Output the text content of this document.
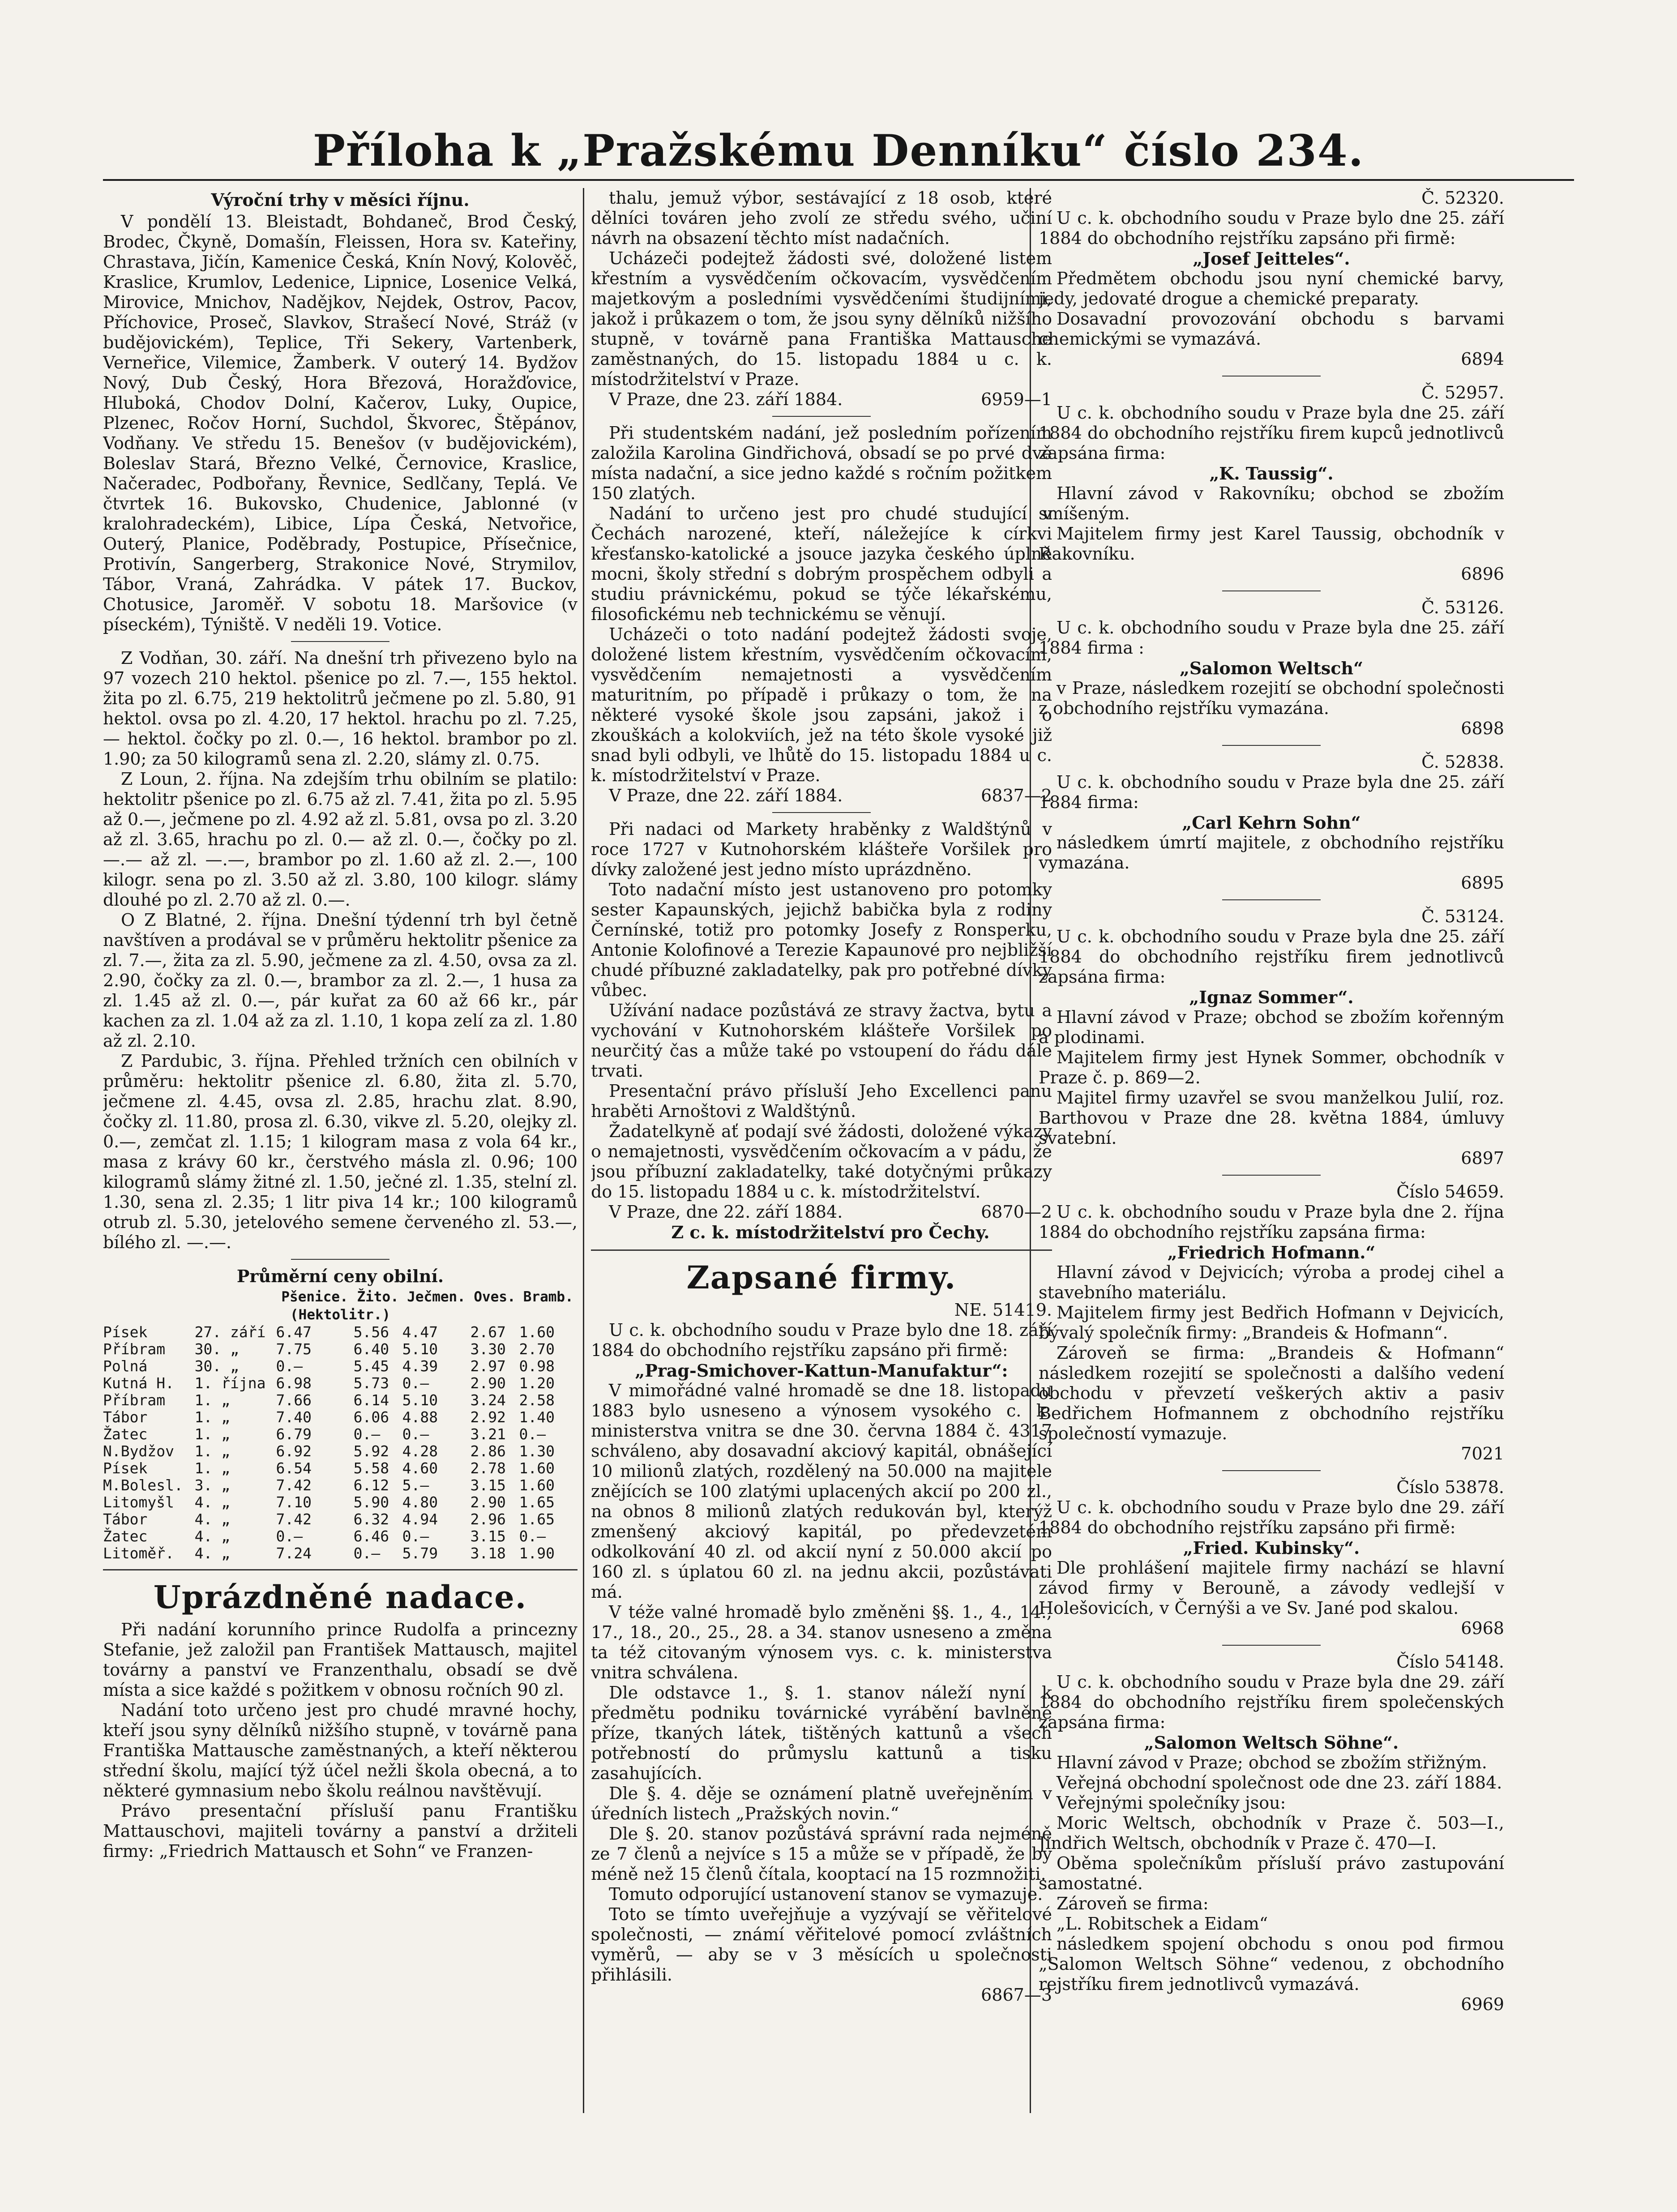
Příloha k „Pražskému Denníku“ číslo 234.
Výroční trhy v měsíci říjnu.

V pondělí 13. Bleistadt, Bohdaneč, Brod Český, Brodec, Čkyně, Domašín, Fleissen, Hora sv. Kateřiny, Chrastava, Jičín, Kamenice Česká, Knín Nový, Kolověč, Kraslice, Krumlov, Ledenice, Lipnice, Losenice Velká, Mirovice, Mnichov, Nadějkov, Nejdek, Ostrov, Pacov, Příchovice, Proseč, Slavkov, Strašecí Nové, Stráž (v budějovickém), Teplice, Tři Sekery, Vartenberk, Verneřice, Vilemice, Žamberk. V outerý 14. Bydžov Nový, Dub Český, Hora Březová, Horažďovice, Hluboká, Chodov Dolní, Kačerov, Luky, Oupice, Plzenec, Ročov Horní, Suchdol, Škvorec, Štěpánov, Vodňany. Ve středu 15. Benešov (v budějovickém), Boleslav Stará, Březno Velké, Černovice, Kraslice, Načeradec, Podbořany, Řevnice, Sedlčany, Teplá. Ve čtvrtek 16. Bukovsko, Chudenice, Jablonné (v kralohradeckém), Libice, Lípa Česká, Netvořice, Outerý, Planice, Poděbrady, Postupice, Přísečnice, Protivín, Sangerberg, Strakonice Nové, Strymilov, Tábor, Vraná, Zahrádka. V pátek 17. Buckov, Chotusice, Jaroměř. V sobotu 18. Maršovice (v píseckém), Týniště. V neděli 19. Votice.

Z Vodňan, 30. září. Na dnešní trh přivezeno bylo na 97 vozech 210 hektol. pšenice po zl. 7.—, 155 hektol. žita po zl. 6.75, 219 hektolitrů ječmene po zl. 5.80, 91 hektol. ovsa po zl. 4.20, 17 hektol. hrachu po zl. 7.25, — hektol. čočky po zl. 0.—, 16 hektol. brambor po zl. 1.90; za 50 kilogramů sena zl. 2.20, slámy zl. 0.75.

Z Loun, 2. října. Na zdejším trhu obilním se platilo: hektolitr pšenice po zl. 6.75 až zl. 7.41, žita po zl. 5.95 až 0.—, ječmene po zl. 4.92 až zl. 5.81, ovsa po zl. 3.20 až zl. 3.65, hrachu po zl. 0.— až zl. 0.—, čočky po zl. —.— až zl. —.—, brambor po zl. 1.60 až zl. 2.—, 100 kilogr. sena po zl. 3.50 až zl. 3.80, 100 kilogr. slámy dlouhé po zl. 2.70 až zl. 0.—.

O Z Blatné, 2. října. Dnešní týdenní trh byl četně navštíven a prodával se v průměru hektolitr pšenice za zl. 7.—, žita za zl. 5.90, ječmene za zl. 4.50, ovsa za zl. 2.90, čočky za zl. 0.—, brambor za zl. 2.—, 1 husa za zl. 1.45 až zl. 0.—, pár kuřat za 60 až 66 kr., pár kachen za zl. 1.04 až za zl. 1.10, 1 kopa zelí za zl. 1.80 až zl. 2.10.

Z Pardubic, 3. října. Přehled tržních cen obilních v průměru: hektolitr pšenice zl. 6.80, žita zl. 5.70, ječmene zl. 4.45, ovsa zl. 2.85, hrachu zlat. 8.90, čočky zl. 11.80, prosa zl. 6.30, vikve zl. 5.20, olejky zl. 0.—, zemčat zl. 1.15; 1 kilogram masa z vola 64 kr., masa z krávy 60 kr., čerstvého másla zl. 0.96; 100 kilogramů slámy žitné zl. 1.50, ječné zl. 1.35, stelní zl. 1.30, sena zl. 2.35; 1 litr piva 14 kr.; 100 kilogramů otrub zl. 5.30, jetelového semene červeného zl. 53.—, bílého zl. —.—.

Průměrní ceny obilní.
		Pšenice.	Žito.	Ječmen.	Oves.	Bramb.
(Hektolitr.)						
Písek	27. září	6.47	5.56	4.47	2.67	1.60
Příbram	30. „	7.75	6.40	5.10	3.30	2.70
Polná	30. „	0.—	5.45	4.39	2.97	0.98
Kutná H.	1. října	6.98	5.73	0.—	2.90	1.20
Příbram	1. „	7.66	6.14	5.10	3.24	2.58
Tábor	1. „	7.40	6.06	4.88	2.92	1.40
Žatec	1. „	6.79	0.—	0.—	3.21	0.—
N.Bydžov	1. „	6.92	5.92	4.28	2.86	1.30
Písek	1. „	6.54	5.58	4.60	2.78	1.60
M.Bolesl.	3. „	7.42	6.12	5.—	3.15	1.60
Litomyšl	4. „	7.10	5.90	4.80	2.90	1.65
Tábor	4. „	7.42	6.32	4.94	2.96	1.65
Žatec	4. „	0.—	6.46	0.—	3.15	0.—
Litoměř.	4. „	7.24	0.—	5.79	3.18	1.90
Uprázdněné nadace.

Při nadání korunního prince Rudolfa a princezny Stefanie, jež založil pan František Mattausch, majitel továrny a panství ve Franzenthalu, obsadí se dvě místa a sice každé s požitkem v obnosu ročních 90 zl.

Nadání toto určeno jest pro chudé mravné hochy, kteří jsou syny dělníků nižšího stupně, v továrně pana Františka Mattausche zaměstnaných, a kteří některou střední školu, mající týž účel nežli škola obecná, a to některé gymnasium nebo školu reálnou navštěvují.

Právo presentační přísluší panu Františku Mattauschovi, majiteli továrny a panství a držiteli firmy: „Friedrich Mattausch et Sohn“ ve Franzen-

thalu, jemuž výbor, sestávající z 18 osob, které dělníci továren jeho zvolí ze středu svého, učiní návrh na obsazení těchto míst nadačních.

Ucházeči podejtež žádosti své, doložené listem křestním a vysvědčením očkovacím, vysvědčením majetkovým a posledními vysvědčeními študijními, jakož i průkazem o tom, že jsou syny dělníků nižšího stupně, v továrně pana Františka Mattausche zaměstnaných, do 15. listopadu 1884 u c. k. místodržitelství v Praze.

V Praze, dne 23. září 1884.	6959—1

Při studentském nadání, jež posledním pořízením založila Karolina Gindřichová, obsadí se po prvé dvě místa nadační, a sice jedno každé s ročním požitkem 150 zlatých.

Nadání to určeno jest pro chudé studující v Čechách narozené, kteří, náležejíce k církvi křesťansko-katolické a jsouce jazyka českého úplně mocni, školy střední s dobrým prospěchem odbyli a studiu právnickému, pokud se týče lékařskému, filosofickému neb technickému se věnují.

Ucházeči o toto nadání podejtež žádosti svoje, doložené listem křestním, vysvědčením očkovacím, vysvědčením nemajetnosti a vysvědčením maturitním, po případě i průkazy o tom, že na některé vysoké škole jsou zapsáni, jakož i o zkouškách a kolokviích, jež na této škole vysoké již snad byli odbyli, ve lhůtě do 15. listopadu 1884 u c. k. místodržitelství v Praze.

V Praze, dne 22. září 1884.	6837—2

Při nadaci od Markety hraběnky z Waldštýnů v roce 1727 v Kutnohorském klášteře Voršilek pro dívky založené jest jedno místo uprázdněno.

Toto nadační místo jest ustanoveno pro potomky sester Kapaunských, jejichž babička byla z rodiny Černínské, totiž pro potomky Josefy z Ronsperku, Antonie Kolofinové a Terezie Kapaunové pro nejbližší chudé příbuzné zakladatelky, pak pro potřebné dívky vůbec.

Užívání nadace pozůstává ze stravy žactva, bytu a vychování v Kutnohorském klášteře Voršilek po neurčitý čas a může také po vstoupení do řádu dále trvati.

Presentační právo přísluší Jeho Excellenci panu hraběti Arnoštovi z Waldštýnů.

Žadatelkyně ať podají své žádosti, doložené výkazy o nemajetnosti, vysvědčením očkovacím a v pádu, že jsou příbuzní zakladatelky, také dotyčnými průkazy do 15. listopadu 1884 u c. k. místodržitelství.

V Praze, dne 22. září 1884.	6870—2

Z c. k. místodržitelství pro Čechy.

Zapsané firmy.
NE. 51419.

U c. k. obchodního soudu v Praze bylo dne 18. září 1884 do obchodního rejstříku zapsáno při firmě:

„Prag-Smichover-Kattun-Manufaktur“:

V mimořádné valné hromadě se dne 18. listopadu 1883 bylo usneseno a výnosem vysokého c. k. ministerstva vnitra se dne 30. června 1884 č. 4317 schváleno, aby dosavadní akciový kapitál, obnášející 10 milionů zlatých, rozdělený na 50.000 na majitele znějících se 100 zlatými uplacených akcií po 200 zl., na obnos 8 milionů zlatých redukován byl, kterýž zmenšený akciový kapitál, po předevzetém odkolkování 40 zl. od akcií nyní z 50.000 akcií po 160 zl. s úplatou 60 zl. na jednu akcii, pozůstávati má.

V téže valné hromadě bylo změněni §§. 1., 4., 14., 17., 18., 20., 25., 28. a 34. stanov usneseno a změna ta též citovaným výnosem vys. c. k. ministerstva vnitra schválena.

Dle odstavce 1., §. 1. stanov náleží nyní k předmětu podniku továrnické vyrábění bavlněné příze, tkaných látek, tištěných kattunů a všech potřebností do průmyslu kattunů a tisku zasahujících.

Dle §. 4. děje se oznámení platně uveřejněním v úředních listech „Pražských novin.“

Dle §. 20. stanov pozůstává správní rada nejméně ze 7 členů a nejvíce s 15 a může se v případě, že by méně než 15 členů čítala, kooptací na 15 rozmnožiti.

Tomuto odporující ustanovení stanov se vymazuje.

Toto se tímto uveřejňuje a vyzývají se věřitelové společnosti, — známí věřitelové pomocí zvláštních vyměrů, — aby se v 3 měsících u společnosti přihlásili.

6867—3
Č. 52320.

U c. k. obchodního soudu v Praze bylo dne 25. září 1884 do obchodního rejstříku zapsáno při firmě:

„Josef Jeitteles“.

Předmětem obchodu jsou nyní chemické barvy, jedy, jedovaté drogue a chemické preparaty.

Dosavadní provozování obchodu s barvami chemickými se vymazává.

6894
Č. 52957.

U c. k. obchodního soudu v Praze byla dne 25. září 1884 do obchodního rejstříku firem kupců jednotlivců zapsána firma:

„K. Taussig“.

Hlavní závod v Rakovníku; obchod se zbožím smíšeným.

Majitelem firmy jest Karel Taussig, obchodník v Rakovníku.

6896
Č. 53126.

U c. k. obchodního soudu v Praze byla dne 25. září 1884 firma :

„Salomon Weltsch“

v Praze, následkem rozejití se obchodní společnosti z obchodního rejstříku vymazána.

6898
Č. 52838.

U c. k. obchodního soudu v Praze byla dne 25. září 1884 firma:

„Carl Kehrn Sohn“

následkem úmrtí majitele, z obchodního rejstříku vymazána.

6895
Č. 53124.

U c. k. obchodního soudu v Praze byla dne 25. září 1884 do obchodního rejstříku firem jednotlivců zapsána firma:

„Ignaz Sommer“.

Hlavní závod v Praze; obchod se zbožím kořenným a plodinami.

Majitelem firmy jest Hynek Sommer, obchodník v Praze č. p. 869—2.

Majitel firmy uzavřel se svou manželkou Julií, roz. Barthovou v Praze dne 28. května 1884, úmluvy svatební.

6897
Číslo 54659.

U c. k. obchodního soudu v Praze byla dne 2. října 1884 do obchodního rejstříku zapsána firma:

„Friedrich Hofmann.“

Hlavní závod v Dejvicích; výroba a prodej cihel a stavebního materiálu.

Majitelem firmy jest Bedřich Hofmann v Dejvicích, bývalý společník firmy: „Brandeis & Hofmann“.

Zároveň se firma: „Brandeis & Hofmann“ následkem rozejití se společnosti a dalšího vedení obchodu v převzetí veškerých aktiv a pasiv Bedřichem Hofmannem z obchodního rejstříku společností vymazuje.

7021
Číslo 53878.

U c. k. obchodního soudu v Praze bylo dne 29. září 1884 do obchodního rejstříku zapsáno při firmě:

„Fried. Kubinsky“.

Dle prohlášení majitele firmy nachází se hlavní závod firmy v Berouně, a závody vedlejší v Holešovicích, v Černýši a ve Sv. Jané pod skalou.

6968
Číslo 54148.

U c. k. obchodního soudu v Praze byla dne 29. září 1884 do obchodního rejstříku firem společenských zapsána firma:

„Salomon Weltsch Söhne“.

Hlavní závod v Praze; obchod se zbožím střižným.

Veřejná obchodní společnost ode dne 23. září 1884.

Veřejnými společníky jsou:

Moric Weltsch, obchodník v Praze č. 503—I., Jindřich Weltsch, obchodník v Praze č. 470—I.

Oběma společníkům přísluší právo zastupování samostatné.

Zároveň se firma:

„L. Robitschek a Eidam“

následkem spojení obchodu s onou pod firmou „Salomon Weltsch Söhne“ vedenou, z obchodního rejstříku firem jednotlivců vymazává.

6969
